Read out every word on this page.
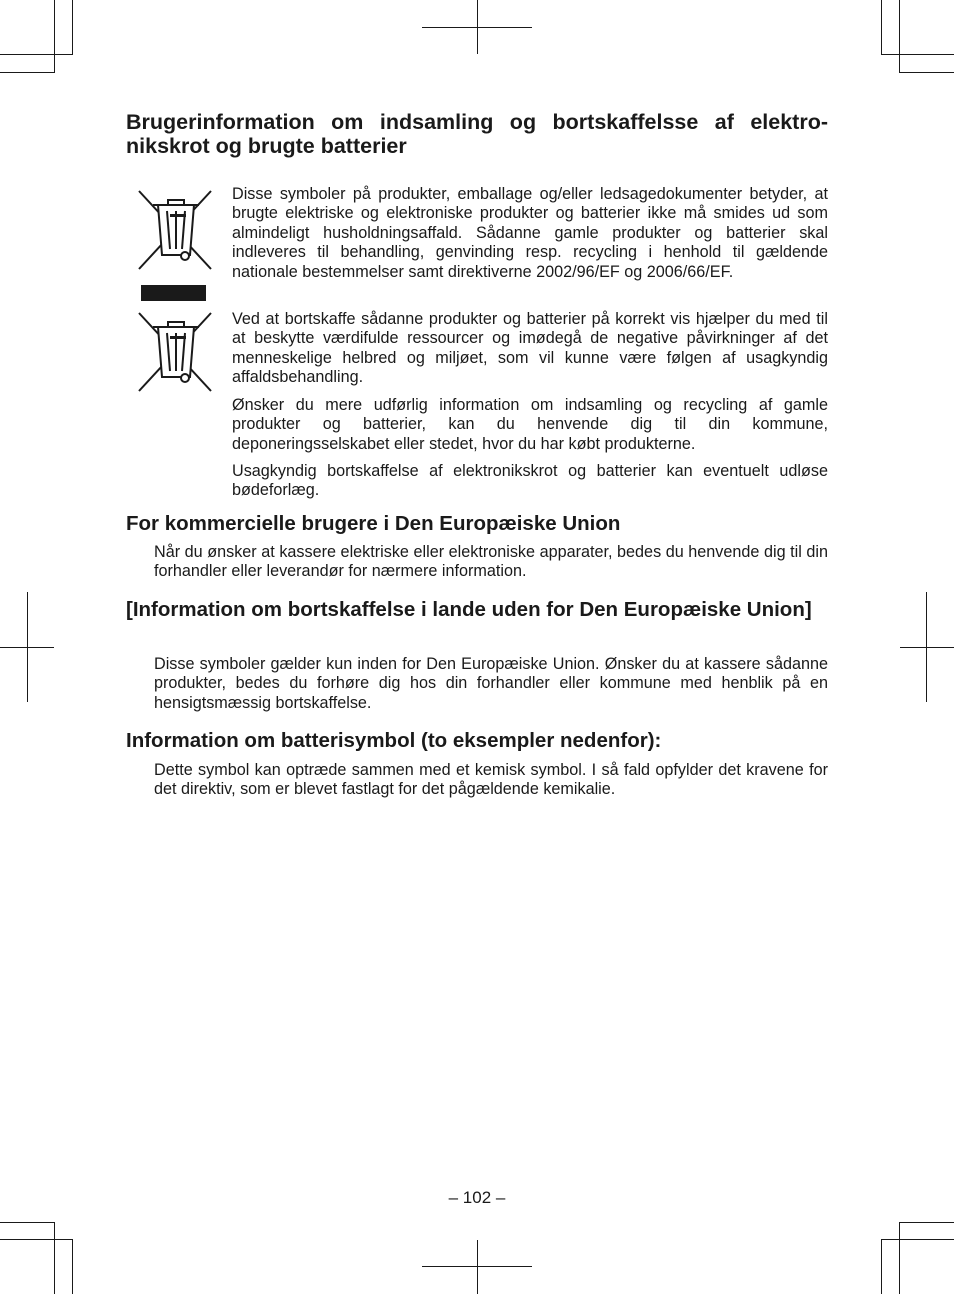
Brugerinformation om indsamling og bortskaffelsse af elektro-nikskrot og brugte batterier
Disse symboler på produkter, emballage og/eller ledsagedokumenter betyder, at brugte elektriske og elektroniske produkter og batterier ikke må smides ud som almindeligt husholdningsaffald. Sådanne gamle produkter og batterier skal indleveres til behandling, genvinding resp. recycling i henhold til gældende nationale bestemmelser samt direktiverne 2002/96/EF og 2006/66/EF.
Ved at bortskaffe sådanne produkter og batterier på korrekt vis hjælper du med til at beskytte værdifulde ressourcer og imødegå de negative påvirkninger af det menneskelige helbred og miljøet, som vil kunne være følgen af usagkyndig affaldsbehandling.
Ønsker du mere udførlig information om indsamling og recycling af gamle produkter og batterier, kan du henvende dig til din kommune, deponeringsselskabet eller stedet, hvor du har købt produkterne.
Usagkyndig bortskaffelse af elektronikskrot og batterier kan eventuelt udløse bødeforlæg.
For kommercielle brugere i Den Europæiske Union
Når du ønsker at kassere elektriske eller elektroniske apparater, bedes du henvende dig til din forhandler eller leverandør for nærmere information.
[Information om bortskaffelse i lande uden for Den Europæiske Union]
Disse symboler gælder kun inden for Den Europæiske Union. Ønsker du at kassere sådanne produkter, bedes du forhøre dig hos din forhandler eller kommune med henblik på en hensigtsmæssig bortskaffelse.
Information om batterisymbol (to eksempler nedenfor):
Dette symbol kan optræde sammen med et kemisk symbol. I så fald opfylder det kravene for det direktiv, som er blevet fastlagt for det pågældende kemikalie.
– 102 –
